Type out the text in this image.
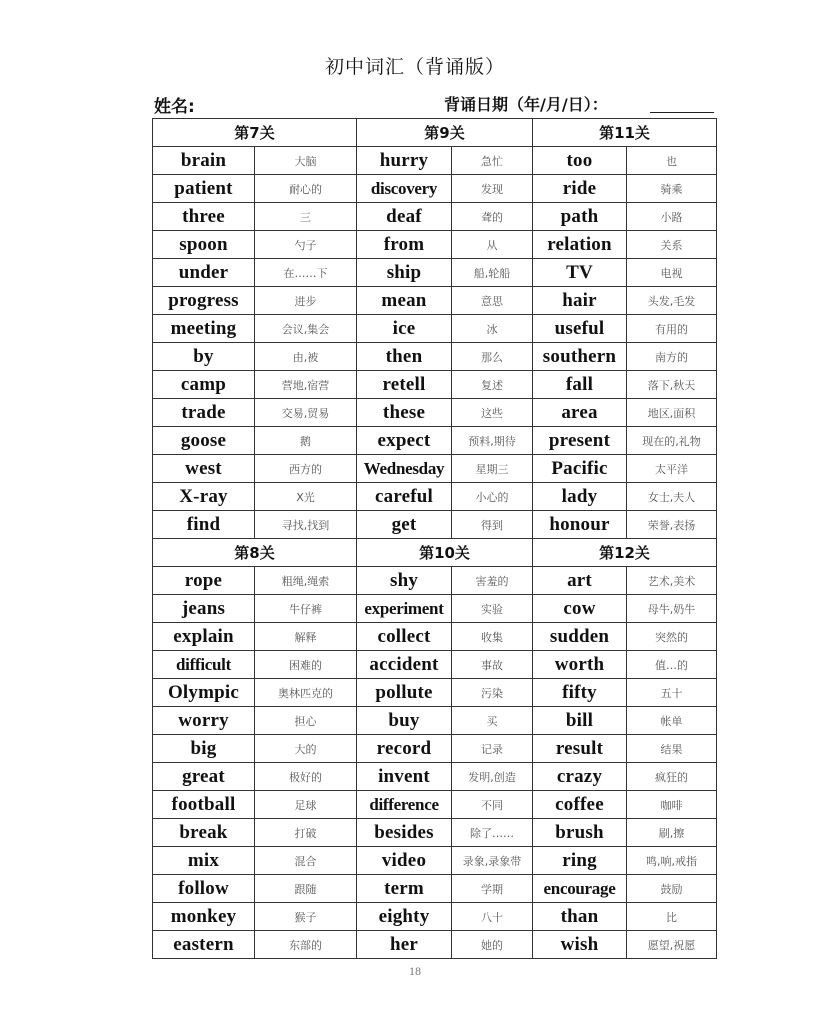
初中词汇（背诵版）
姓名:	背诵日期（年/月/日）：
第7关		第9关		第11关	
brain	大脑	hurry	急忙	too	也
patient	耐心的	discovery	发现	ride	骑乘
three	三	deaf	聋的	path	小路
spoon	勺子	from	从	relation	关系
under	在……下	ship	船,轮船	TV	电视
progress	进步	mean	意思	hair	头发,毛发
meeting	会议,集会	ice	冰	useful	有用的
by	由,被	then	那么	southern	南方的
camp	营地,宿营	retell	复述	fall	落下,秋天
trade	交易,贸易	these	这些	area	地区,面积
goose	鹅	expect	预料,期待	present	现在的,礼物
west	西方的	Wednesday	星期三	Pacific	太平洋
X-ray	X光	careful	小心的	lady	女士,夫人
find	寻找,找到	get	得到	honour	荣誉,表扬
第8关		第10关		第12关	
rope	粗绳,绳索	shy	害羞的	art	艺术,美术
jeans	牛仔裤	experiment	实验	cow	母牛,奶牛
explain	解释	collect	收集	sudden	突然的
difficult	困难的	accident	事故	worth	值…的
Olympic	奥林匹克的	pollute	污染	fifty	五十
worry	担心	buy	买	bill	帐单
big	大的	record	记录	result	结果
great	极好的	invent	发明,创造	crazy	疯狂的
football	足球	difference	不同	coffee	咖啡
break	打破	besides	除了……	brush	刷,擦
mix	混合	video	录象,录象带	ring	鸣,响,戒指
follow	跟随	term	学期	encourage	鼓励
monkey	猴子	eighty	八十	than	比
eastern	东部的	her	她的	wish	愿望,祝愿
18
